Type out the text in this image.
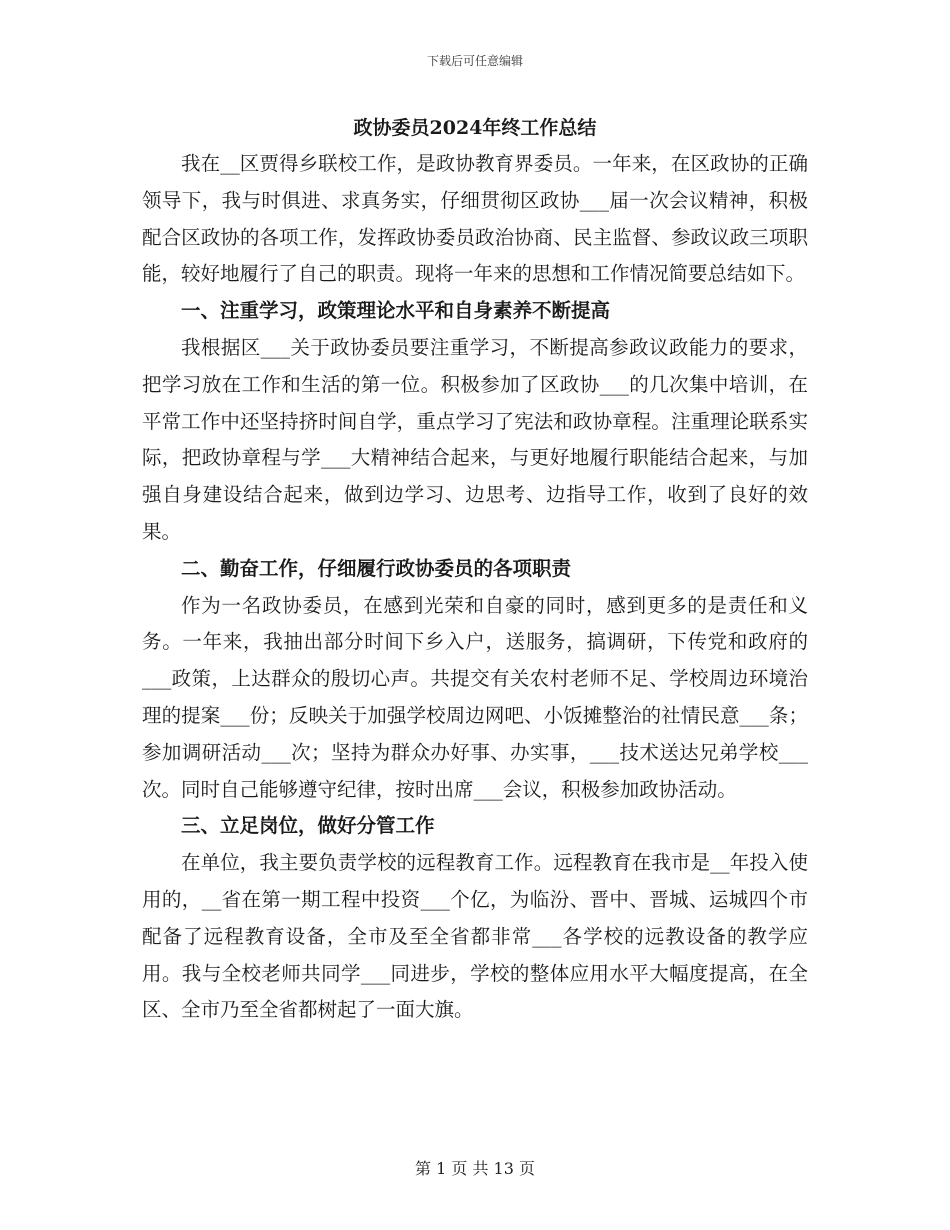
下载后可任意编辑
政协委员2024年终工作总结

我在__区贾得乡联校工作，是政协教育界委员。一年来，在区政协的正确领导下，我与时俱进、求真务实，仔细贯彻区政协___届一次会议精神，积极配合区政协的各项工作，发挥政协委员政治协商、民主监督、参政议政三项职能，较好地履行了自己的职责。现将一年来的思想和工作情况简要总结如下。

一、注重学习，政策理论水平和自身素养不断提高

我根据区___关于政协委员要注重学习，不断提高参政议政能力的要求，把学习放在工作和生活的第一位。积极参加了区政协___的几次集中培训，在平常工作中还坚持挤时间自学，重点学习了宪法和政协章程。注重理论联系实际，把政协章程与学___大精神结合起来，与更好地履行职能结合起来，与加强自身建设结合起来，做到边学习、边思考、边指导工作，收到了良好的效果。

二、勤奋工作，仔细履行政协委员的各项职责

作为一名政协委员，在感到光荣和自豪的同时，感到更多的是责任和义务。一年来，我抽出部分时间下乡入户，送服务，搞调研，下传党和政府的___政策，上达群众的殷切心声。共提交有关农村老师不足、学校周边环境治理的提案___份；反映关于加强学校周边网吧、小饭摊整治的社情民意___条；参加调研活动___次；坚持为群众办好事、办实事，___技术送达兄弟学校___次。同时自己能够遵守纪律，按时出席___会议，积极参加政协活动。

三、立足岗位，做好分管工作

在单位，我主要负责学校的远程教育工作。远程教育在我市是__年投入使用的，__省在第一期工程中投资___个亿，为临汾、晋中、晋城、运城四个市配备了远程教育设备，全市及至全省都非常___各学校的远教设备的教学应用。我与全校老师共同学___同进步，学校的整体应用水平大幅度提高，在全区、全市乃至全省都树起了一面大旗。

第 1 页 共 13 页
